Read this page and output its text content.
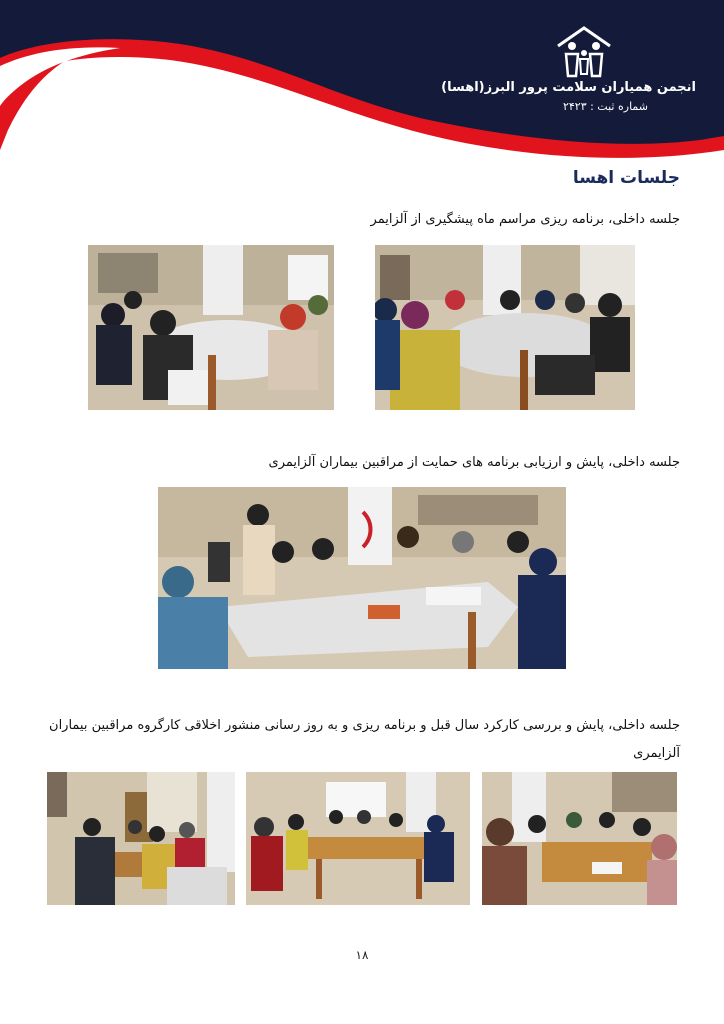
انجمن همیاران سلامت پرور البرز(اهسا)
شماره ثبت : ۲۴۲۳
جلسات اهسا
جلسه داخلی، برنامه ریزی مراسم ماه پیشگیری از آلزایمر
جلسه داخلی، پایش و ارزیابی برنامه های حمایت از مراقبین بیماران آلزایمری
جلسه داخلی، پایش و بررسی کارکرد سال قبل و برنامه ریزی و به روز رسانی منشور اخلاقی کارگروه مراقبین بیماران آلزایمری
۱۸
